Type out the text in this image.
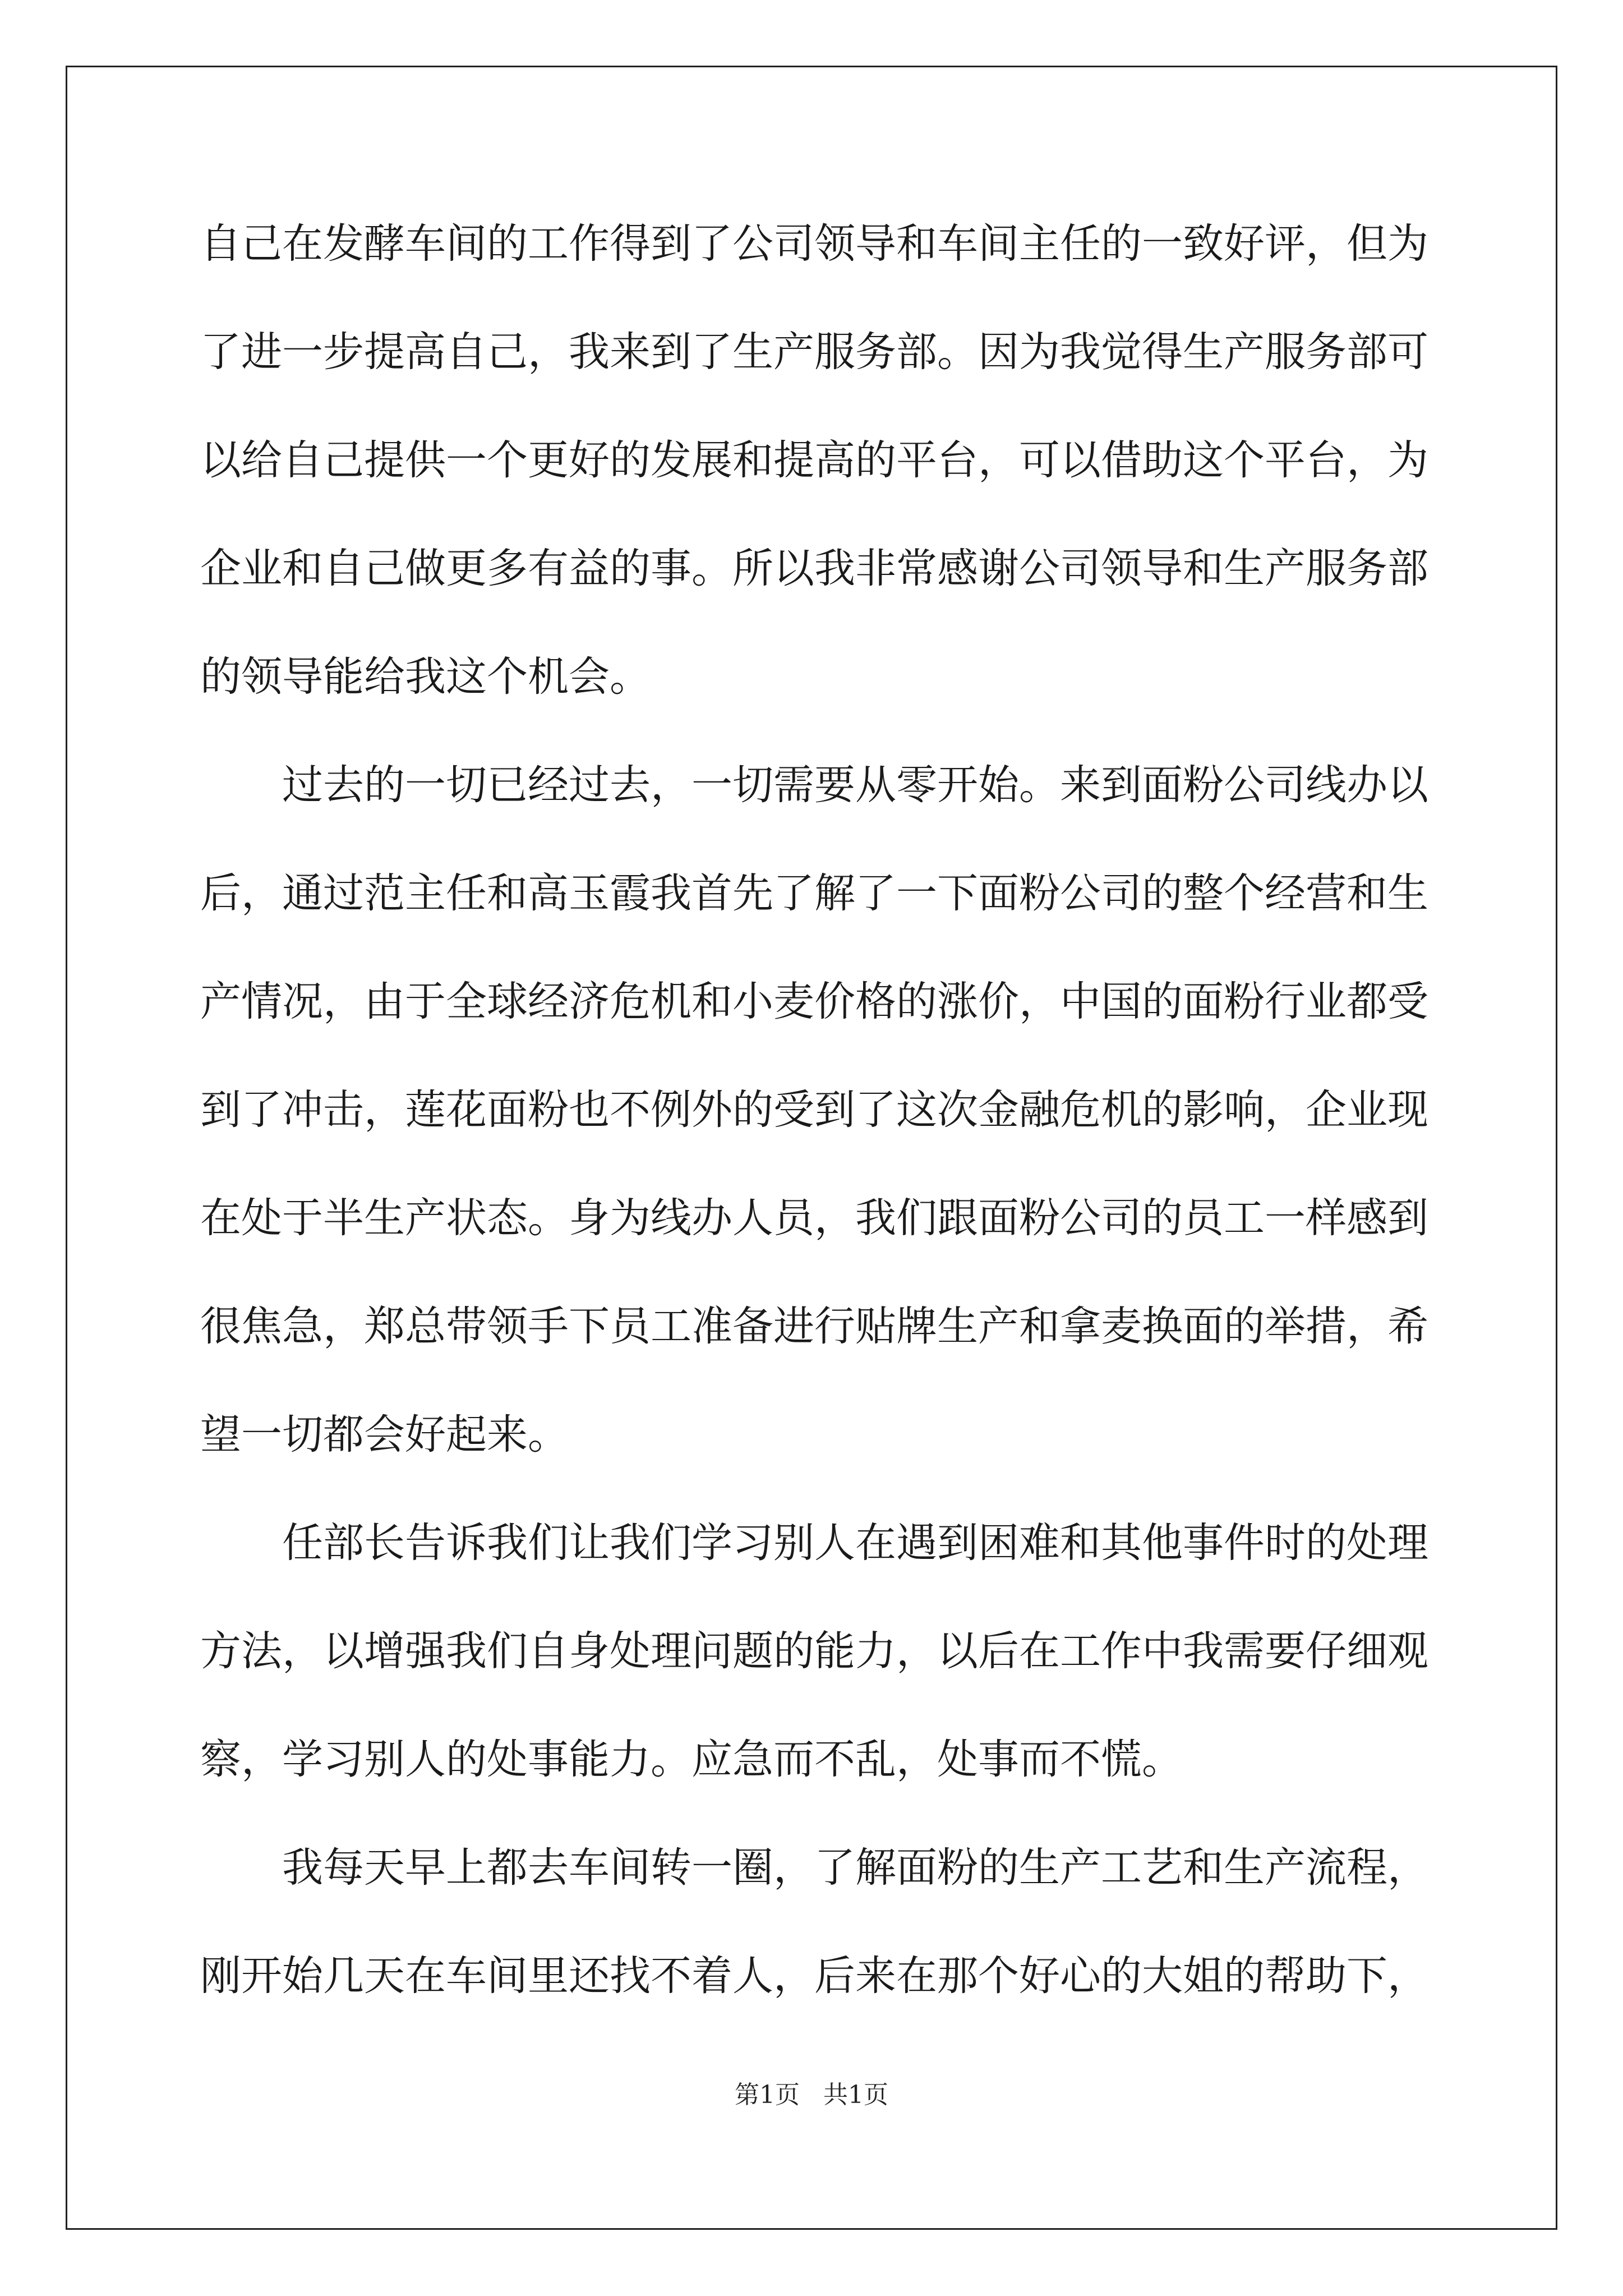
自己在发酵车间的工作得到了公司领导和车间主任的一致好评，但为
了进一步提高自己，我来到了生产服务部。因为我觉得生产服务部可
以给自己提供一个更好的发展和提高的平台，可以借助这个平台，为
企业和自己做更多有益的事。所以我非常感谢公司领导和生产服务部
的领导能给我这个机会。
过去的一切已经过去，一切需要从零开始。来到面粉公司线办以
后，通过范主任和高玉霞我首先了解了一下面粉公司的整个经营和生
产情况，由于全球经济危机和小麦价格的涨价，中国的面粉行业都受
到了冲击，莲花面粉也不例外的受到了这次金融危机的影响，企业现
在处于半生产状态。身为线办人员，我们跟面粉公司的员工一样感到
很焦急，郑总带领手下员工准备进行贴牌生产和拿麦换面的举措，希
望一切都会好起来。
任部长告诉我们让我们学习别人在遇到困难和其他事件时的处理
方法，以增强我们自身处理问题的能力，以后在工作中我需要仔细观
察，学习别人的处事能力。应急而不乱，处事而不慌。
我每天早上都去车间转一圈，了解面粉的生产工艺和生产流程，
刚开始几天在车间里还找不着人，后来在那个好心的大姐的帮助下，
第1页 共1页
